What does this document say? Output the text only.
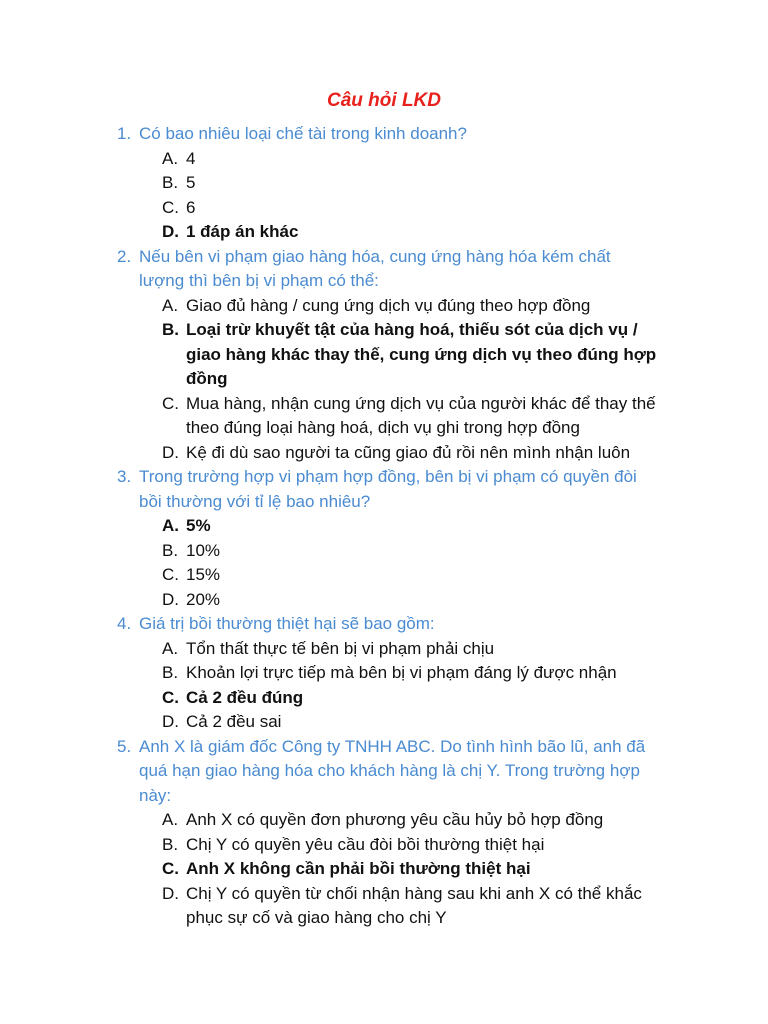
Câu hỏi LKD
1. Có bao nhiêu loại chế tài trong kinh doanh?
A. 4
B. 5
C. 6
D. 1 đáp án khác
2. Nếu bên vi phạm giao hàng hóa, cung ứng hàng hóa kém chất lượng thì bên bị vi phạm có thể:
A. Giao đủ hàng / cung ứng dịch vụ đúng theo hợp đồng
B. Loại trừ khuyết tật của hàng hoá, thiếu sót của dịch vụ / giao hàng khác thay thế, cung ứng dịch vụ theo đúng hợp đồng
C. Mua hàng, nhận cung ứng dịch vụ của người khác để thay thế theo đúng loại hàng hoá, dịch vụ ghi trong hợp đồng
D. Kệ đi dù sao người ta cũng giao đủ rồi nên mình nhận luôn
3. Trong trường hợp vi phạm hợp đồng, bên bị vi phạm có quyền đòi bồi thường với tỉ lệ bao nhiêu?
A. 5%
B. 10%
C. 15%
D. 20%
4. Giá trị bồi thường thiệt hại sẽ bao gồm:
A. Tổn thất thực tế bên bị vi phạm phải chịu
B. Khoản lợi trực tiếp mà bên bị vi phạm đáng lý được nhận
C. Cả 2 đều đúng
D. Cả 2 đều sai
5. Anh X là giám đốc Công ty TNHH ABC. Do tình hình bão lũ, anh đã quá hạn giao hàng hóa cho khách hàng là chị Y. Trong trường hợp này:
A. Anh X có quyền đơn phương yêu cầu hủy bỏ hợp đồng
B. Chị Y có quyền yêu cầu đòi bồi thường thiệt hại
C. Anh X không cần phải bồi thường thiệt hại
D. Chị Y có quyền từ chối nhận hàng sau khi anh X có thể khắc phục sự cố và giao hàng cho chị Y
